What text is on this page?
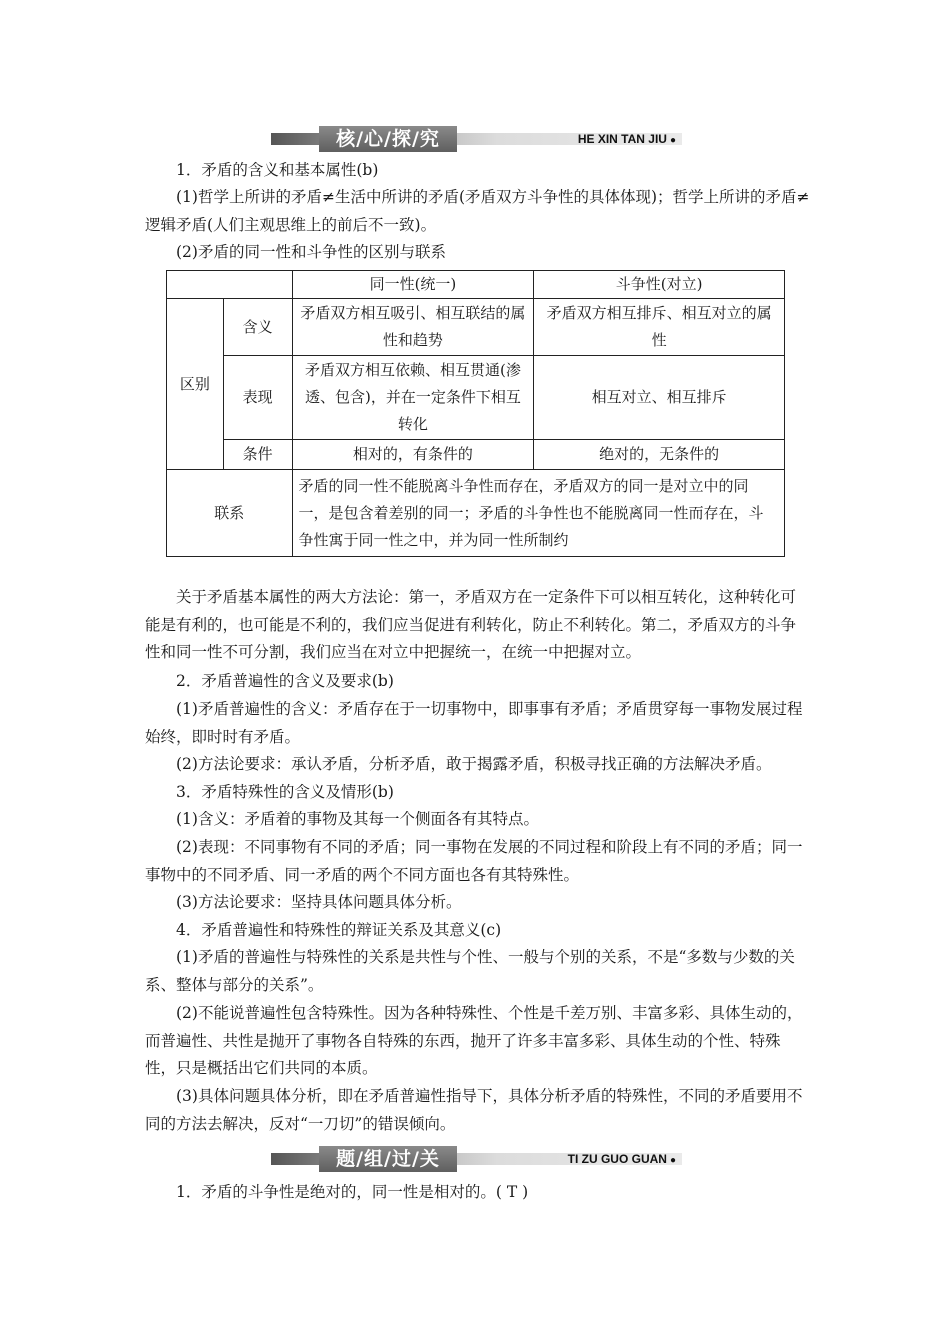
核/心/探/究	HE XIN TAN JIU ●

1．矛盾的含义和基本属性(b)

(1)哲学上所讲的矛盾≠生活中所讲的矛盾(矛盾双方斗争性的具体体现)；哲学上所讲的矛盾≠逻辑矛盾(人们主观思维上的前后不一致)。

(2)矛盾的同一性和斗争性的区别与联系

		同一性(统一)	斗争性(对立)
区别	含义	矛盾双方相互吸引、相互联结的属性和趋势	矛盾双方相互排斥、相互对立的属性
	表现	矛盾双方相互依赖、相互贯通(渗透、包含)，并在一定条件下相互转化	相互对立、相互排斥
	条件	相对的，有条件的	绝对的，无条件的
联系		矛盾的同一性不能脱离斗争性而存在，矛盾双方的同一是对立中的同一，是包含着差别的同一；矛盾的斗争性也不能脱离同一性而存在，斗争性寓于同一性之中，并为同一性所制约	

关于矛盾基本属性的两大方法论：第一，矛盾双方在一定条件下可以相互转化，这种转化可能是有利的，也可能是不利的，我们应当促进有利转化，防止不利转化。第二，矛盾双方的斗争性和同一性不可分割，我们应当在对立中把握统一，在统一中把握对立。

2．矛盾普遍性的含义及要求(b)

(1)矛盾普遍性的含义：矛盾存在于一切事物中，即事事有矛盾；矛盾贯穿每一事物发展过程始终，即时时有矛盾。

(2)方法论要求：承认矛盾，分析矛盾，敢于揭露矛盾，积极寻找正确的方法解决矛盾。

3．矛盾特殊性的含义及情形(b)

(1)含义：矛盾着的事物及其每一个侧面各有其特点。

(2)表现：不同事物有不同的矛盾；同一事物在发展的不同过程和阶段上有不同的矛盾；同一事物中的不同矛盾、同一矛盾的两个不同方面也各有其特殊性。

(3)方法论要求：坚持具体问题具体分析。

4．矛盾普遍性和特殊性的辩证关系及其意义(c)

(1)矛盾的普遍性与特殊性的关系是共性与个性、一般与个别的关系，不是“多数与少数的关系、整体与部分的关系”。

(2)不能说普遍性包含特殊性。因为各种特殊性、个性是千差万别、丰富多彩、具体生动的，而普遍性、共性是抛开了事物各自特殊的东西，抛开了许多丰富多彩、具体生动的个性、特殊性，只是概括出它们共同的本质。

(3)具体问题具体分析，即在矛盾普遍性指导下，具体分析矛盾的特殊性，不同的矛盾要用不同的方法去解决，反对“一刀切”的错误倾向。

题/组/过/关	TI ZU GUO GUAN ●

1．矛盾的斗争性是绝对的，同一性是相对的。( T )
